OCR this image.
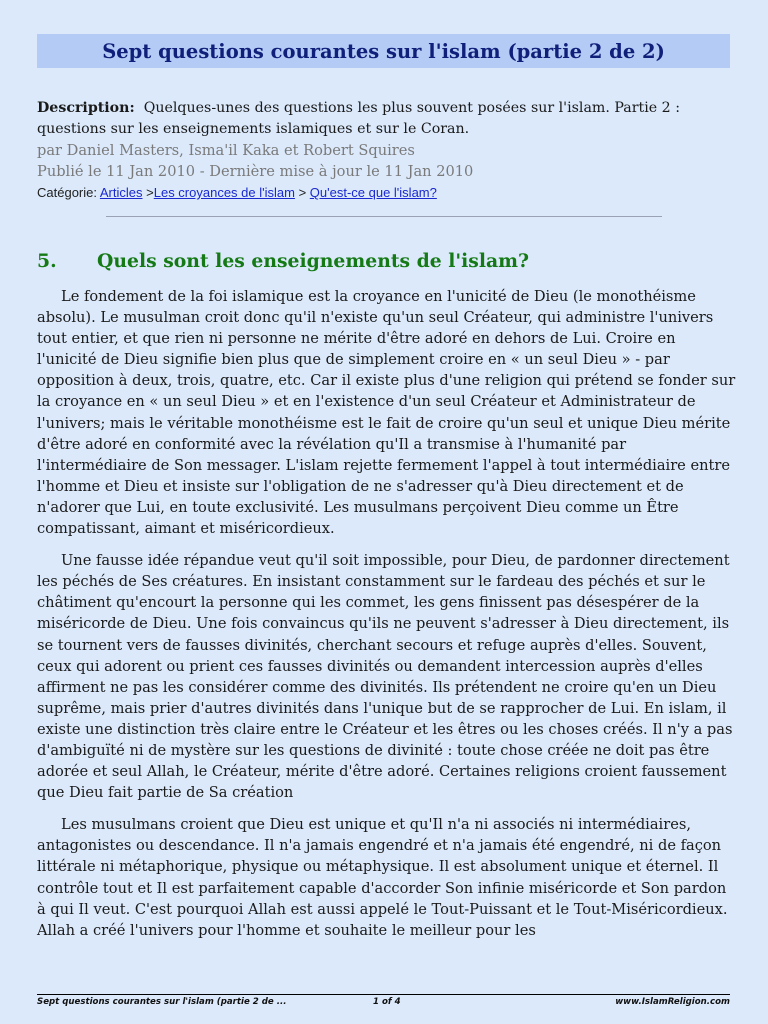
Sept questions courantes sur l'islam (partie 2 de 2)
Description: Quelques-unes des questions les plus souvent posées sur l'islam. Partie 2 : questions sur les enseignements islamiques et sur le Coran.
par Daniel Masters, Isma'il Kaka et Robert Squires
Publié le 11 Jan 2010 - Dernière mise à jour le 11 Jan 2010
Catégorie: Articles >Les croyances de l'islam > Qu'est-ce que l'islam?
5. Quels sont les enseignements de l'islam?

Le fondement de la foi islamique est la croyance en l'unicité de Dieu (le monothéisme absolu). Le musulman croit donc qu'il n'existe qu'un seul Créateur, qui administre l'univers tout entier, et que rien ni personne ne mérite d'être adoré en dehors de Lui. Croire en l'unicité de Dieu signifie bien plus que de simplement croire en « un seul Dieu » - par opposition à deux, trois, quatre, etc. Car il existe plus d'une religion qui prétend se fonder sur la croyance en « un seul Dieu » et en l'existence d'un seul Créateur et Administrateur de l'univers; mais le véritable monothéisme est le fait de croire qu'un seul et unique Dieu mérite d'être adoré en conformité avec la révélation qu'Il a transmise à l'humanité par l'intermédiaire de Son messager. L'islam rejette fermement l'appel à tout intermédiaire entre l'homme et Dieu et insiste sur l'obligation de ne s'adresser qu'à Dieu directement et de n'adorer que Lui, en toute exclusivité. Les musulmans perçoivent Dieu comme un Être compatissant, aimant et miséricordieux.

Une fausse idée répandue veut qu'il soit impossible, pour Dieu, de pardonner directement les péchés de Ses créatures. En insistant constamment sur le fardeau des péchés et sur le châtiment qu'encourt la personne qui les commet, les gens finissent pas désespérer de la miséricorde de Dieu. Une fois convaincus qu'ils ne peuvent s'adresser à Dieu directement, ils se tournent vers de fausses divinités, cherchant secours et refuge auprès d'elles. Souvent, ceux qui adorent ou prient ces fausses divinités ou demandent intercession auprès d'elles affirment ne pas les considérer comme des divinités. Ils prétendent ne croire qu'en un Dieu suprême, mais prier d'autres divinités dans l'unique but de se rapprocher de Lui. En islam, il existe une distinction très claire entre le Créateur et les êtres ou les choses créés. Il n'y a pas d'ambiguïté ni de mystère sur les questions de divinité : toute chose créée ne doit pas être adorée et seul Allah, le Créateur, mérite d'être adoré. Certaines religions croient faussement que Dieu fait partie de Sa création

Les musulmans croient que Dieu est unique et qu'Il n'a ni associés ni intermédiaires, antagonistes ou descendance. Il n'a jamais engendré et n'a jamais été engendré, ni de façon littérale ni métaphorique, physique ou métaphysique. Il est absolument unique et éternel. Il contrôle tout et Il est parfaitement capable d'accorder Son infinie miséricorde et Son pardon à qui Il veut. C'est pourquoi Allah est aussi appelé le Tout-Puissant et le Tout-Miséricordieux. Allah a créé l'univers pour l'homme et souhaite le meilleur pour les

Sept questions courantes sur l'islam (partie 2 de ...	1 of 4	www.IslamReligion.com
